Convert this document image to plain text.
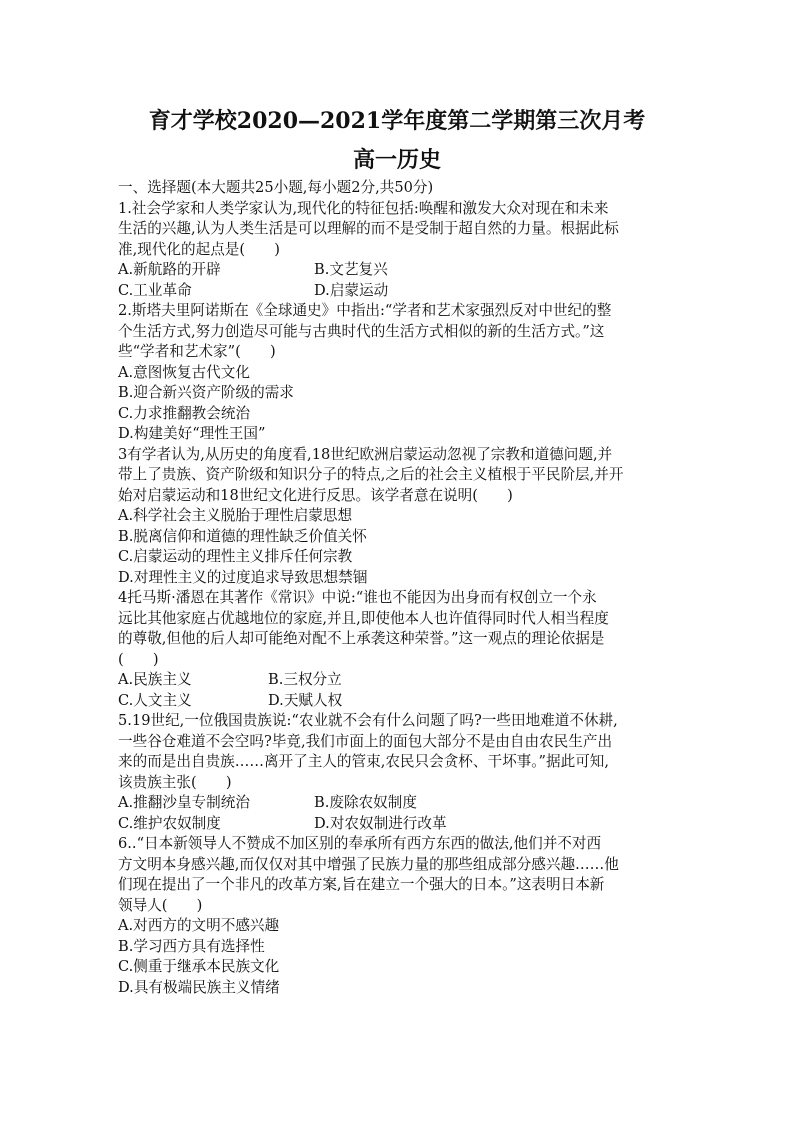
育才学校2020—2021学年度第二学期第三次月考
高一历史

一、选择题(本大题共25小题,每小题2分,共50分)

1.社会学家和人类学家认为,现代化的特征包括:唤醒和激发大众对现在和未来

生活的兴趣,认为人类生活是可以理解的而不是受制于超自然的力量。根据此标

准,现代化的起点是(　　)

A.新航路的开辟	B.文艺复兴
C.工业革命	D.启蒙运动

2.斯塔夫里阿诺斯在《全球通史》中指出:“学者和艺术家强烈反对中世纪的整

个生活方式,努力创造尽可能与古典时代的生活方式相似的新的生活方式。”这

些“学者和艺术家”(　　)

A.意图恢复古代文化

B.迎合新兴资产阶级的需求

C.力求推翻教会统治

D.构建美好“理性王国”

3有学者认为,从历史的角度看,18世纪欧洲启蒙运动忽视了宗教和道德问题,并

带上了贵族、资产阶级和知识分子的特点,之后的社会主义植根于平民阶层,并开

始对启蒙运动和18世纪文化进行反思。该学者意在说明(　　)

A.科学社会主义脱胎于理性启蒙思想

B.脱离信仰和道德的理性缺乏价值关怀

C.启蒙运动的理性主义排斥任何宗教

D.对理性主义的过度追求导致思想禁锢

4托马斯·潘恩在其著作《常识》中说:“谁也不能因为出身而有权创立一个永

远比其他家庭占优越地位的家庭,并且,即使他本人也许值得同时代人相当程度

的尊敬,但他的后人却可能绝对配不上承袭这种荣誉。”这一观点的理论依据是

(　　)

A.民族主义	B.三权分立
C.人文主义	D.天赋人权

5.19世纪,一位俄国贵族说:“农业就不会有什么问题了吗?一些田地难道不休耕,

一些谷仓难道不会空吗?毕竟,我们市面上的面包大部分不是由自由农民生产出

来的而是出自贵族……离开了主人的管束,农民只会贪杯、干坏事。”据此可知,

该贵族主张(　　)

A.推翻沙皇专制统治	B.废除农奴制度
C.维护农奴制度	D.对农奴制进行改革

6..“日本新领导人不赞成不加区别的奉承所有西方东西的做法,他们并不对西

方文明本身感兴趣,而仅仅对其中增强了民族力量的那些组成部分感兴趣……他

们现在提出了一个非凡的改革方案,旨在建立一个强大的日本。”这表明日本新

领导人(　　)

A.对西方的文明不感兴趣

B.学习西方具有选择性

C.侧重于继承本民族文化

D.具有极端民族主义情绪
